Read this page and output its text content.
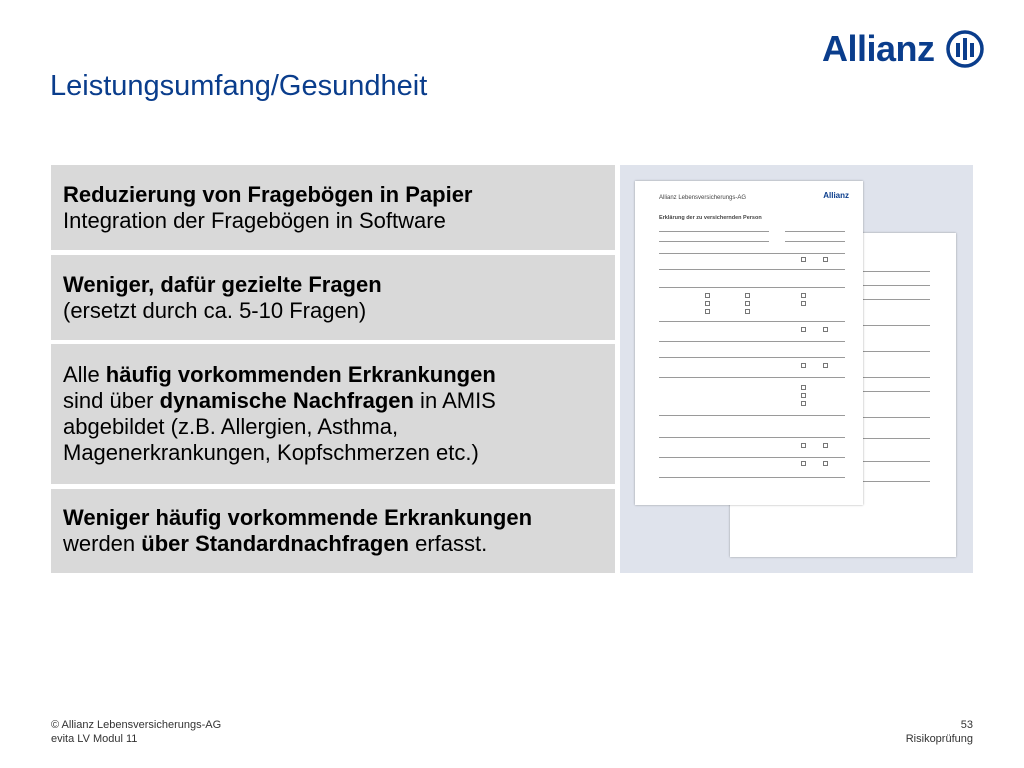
Allianz
Leistungsumfang/Gesundheit
Reduzierung von Fragebögen in Papier
Integration der Fragebögen in Software
Weniger, dafür gezielte Fragen
(ersetzt durch ca. 5-10 Fragen)
Alle häufig vorkommenden Erkrankungen
sind über dynamische Nachfragen in AMIS
abgebildet (z.B. Allergien, Asthma,
Magenerkrankungen, Kopfschmerzen etc.)
Weniger häufig vorkommende Erkrankungen
werden über Standardnachfragen erfasst.
Allianz Lebensversicherungs-AG	Allianz
Erklärung der zu versichernden Person
© Allianz Lebensversicherungs-AG
evita LV Modul 11
53
Risikoprüfung
